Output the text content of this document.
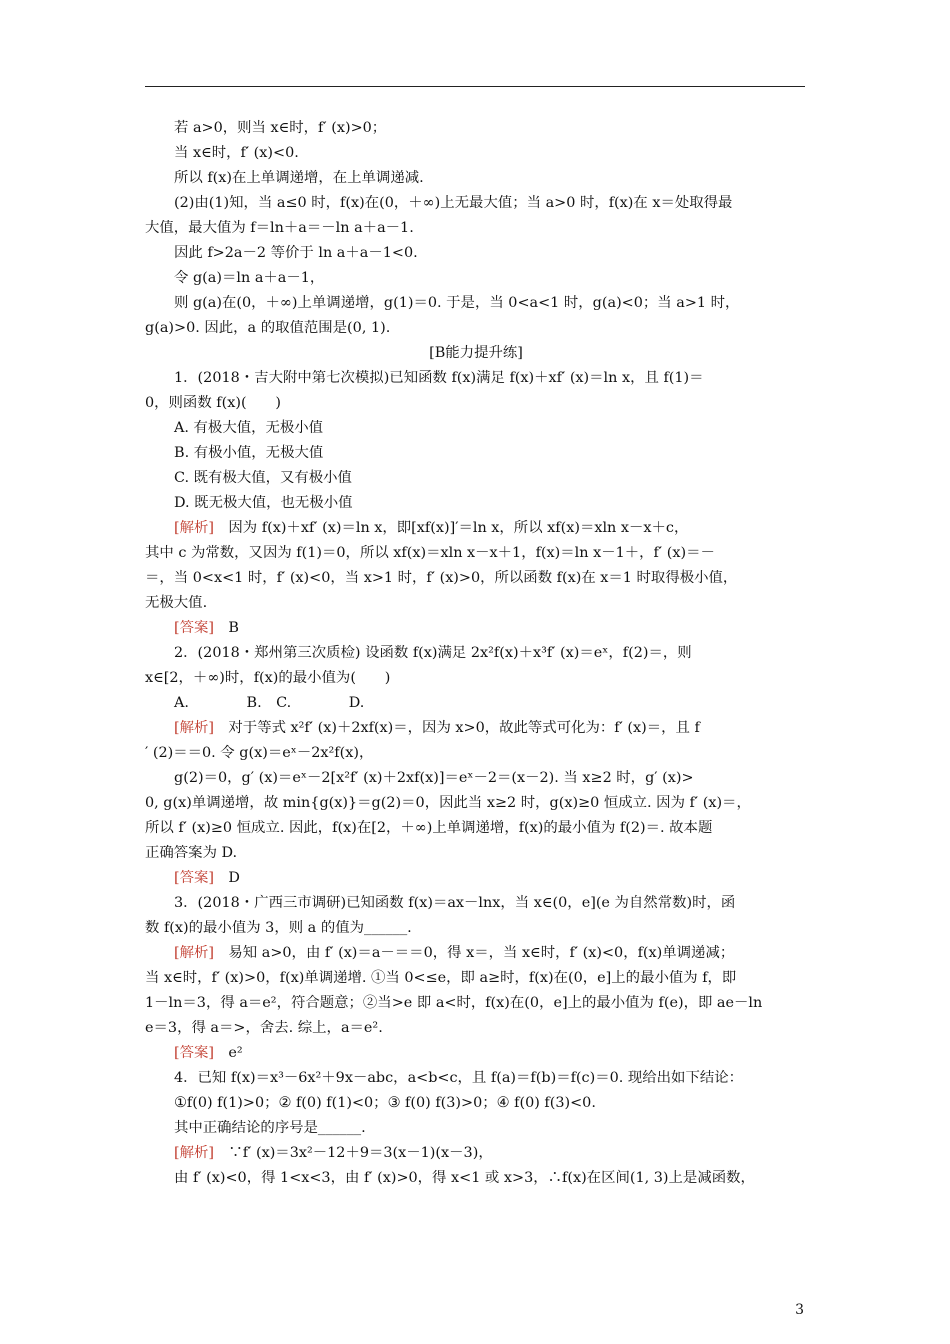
若 a>0，则当 x∈时，f′ (x)>0；
当 x∈时，f′ (x)<0.
所以 f(x)在上单调递增，在上单调递减.
(2)由(1)知，当 a≤0 时，f(x)在(0，＋∞)上无最大值；当 a>0 时，f(x)在 x＝处取得最
大值，最大值为 f＝ln＋a＝－ln a＋a－1.
因此 f>2a－2 等价于 ln a＋a－1<0.
令 g(a)＝ln a＋a－1，
则 g(a)在(0，＋∞)上单调递增，g(1)＝0. 于是，当 0<a<1 时，g(a)<0；当 a>1 时，
g(a)>0. 因此，a 的取值范围是(0, 1).
[B能力提升练]
1．(2018・吉大附中第七次模拟)已知函数 f(x)满足 f(x)＋xf′ (x)＝ln x，且 f(1)＝
0，则函数 f(x)(　　)
A. 有极大值，无极小值
B. 有极小值，无极大值
C. 既有极大值，又有极小值
D. 既无极大值，也无极小值
[解析]　因为 f(x)＋xf′ (x)＝ln x，即[xf(x)]′＝ln x，所以 xf(x)＝xln x－x＋c，
其中 c 为常数，又因为 f(1)＝0，所以 xf(x)＝xln x－x＋1，f(x)＝ln x－1＋，f′ (x)＝－
＝，当 0<x<1 时，f′ (x)<0，当 x>1 时，f′ (x)>0，所以函数 f(x)在 x＝1 时取得极小值，
无极大值.
[答案]　B
2．(2018・郑州第三次质检) 设函数 f(x)满足 2x²f(x)＋x³f′ (x)＝eˣ，f(2)＝，则
x∈[2，＋∞)时，f(x)的最小值为(　　)
A.　　　　B.　C.　　　　D.
[解析]　对于等式 x²f′ (x)＋2xf(x)＝，因为 x>0，故此等式可化为：f′ (x)＝，且 f
′ (2)＝＝0. 令 g(x)＝eˣ－2x²f(x)，
g(2)＝0，g′ (x)＝eˣ－2[x²f′ (x)＋2xf(x)]＝eˣ－2＝(x－2). 当 x≥2 时，g′ (x)>
0, g(x)单调递增，故 min{g(x)}＝g(2)＝0，因此当 x≥2 时，g(x)≥0 恒成立. 因为 f′ (x)＝，
所以 f′ (x)≥0 恒成立. 因此，f(x)在[2，＋∞)上单调递增，f(x)的最小值为 f(2)＝. 故本题
正确答案为 D.
[答案]　D
3．(2018・广西三市调研)已知函数 f(x)＝ax－lnx，当 x∈(0，e](e 为自然常数)时，函
数 f(x)的最小值为 3，则 a 的值为______.
[解析]　易知 a>0，由 f′ (x)＝a－＝＝0，得 x＝，当 x∈时，f′ (x)<0，f(x)单调递减；
当 x∈时，f′ (x)>0，f(x)单调递增. ①当 0<≤e，即 a≥时，f(x)在(0，e]上的最小值为 f，即
1－ln＝3，得 a＝e²，符合题意；②当>e 即 a<时，f(x)在(0，e]上的最小值为 f(e)，即 ae－ln
e＝3，得 a＝>，舍去. 综上，a＝e².
[答案]　e²
4．已知 f(x)＝x³－6x²＋9x－abc，a<b<c，且 f(a)＝f(b)＝f(c)＝0. 现给出如下结论：
①f(0) f(1)>0；② f(0) f(1)<0；③ f(0) f(3)>0；④ f(0) f(3)<0.
其中正确结论的序号是______.
[解析]　∵f′ (x)＝3x²－12＋9＝3(x－1)(x－3)，
由 f′ (x)<0，得 1<x<3，由 f′ (x)>0，得 x<1 或 x>3，∴f(x)在区间(1, 3)上是减函数，
3
